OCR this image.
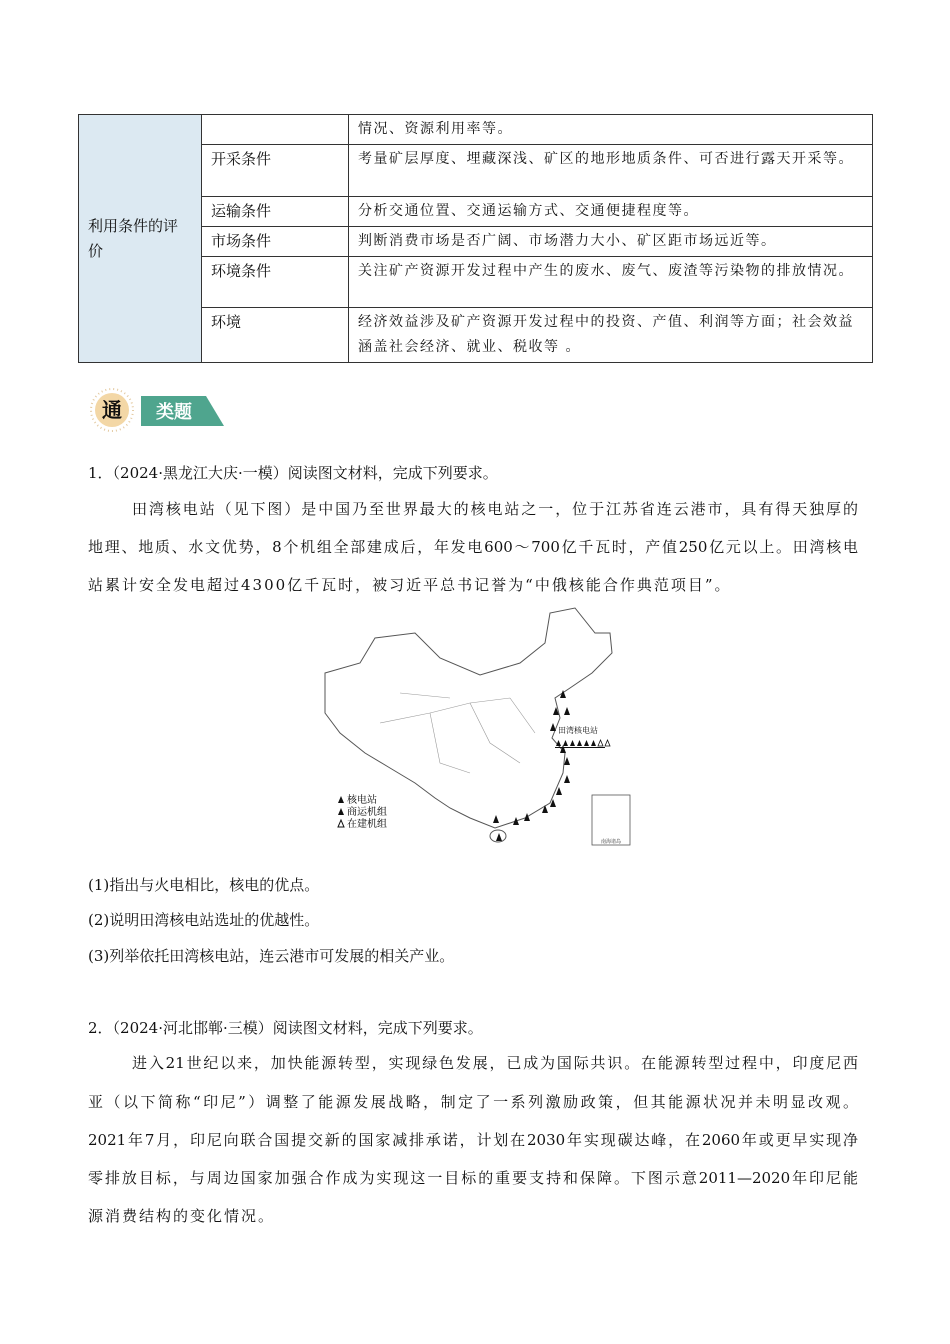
利用条件的评价		情况、资源利用率等。
	开采条件	考量矿层厚度、埋藏深浅、矿区的地形地质条件、可否进行露天开采等。
	运输条件	分析交通位置、交通运输方式、交通便捷程度等。
	市场条件	判断消费市场是否广阔、市场潜力大小、矿区距市场远近等。
	环境条件	关注矿产资源开发过程中产生的废水、废气、废渣等污染物的排放情况。
	环境	经济效益涉及矿产资源开发过程中的投资、产值、利润等方面；社会效益涵盖社会经济、就业、税收等 。
通 类题
1．（2024·黑龙江大庆·一模）阅读图文材料，完成下列要求。
田湾核电站（见下图）是中国乃至世界最大的核电站之一，位于江苏省连云港市，具有得天独厚的
地理、地质、水文优势，8个机组全部建成后，年发电600～700亿千瓦时，产值250亿元以上。田湾核电
站累计安全发电超过4300亿千瓦时，被习近平总书记誉为“中俄核能合作典范项目”。
南海诸岛
田湾核电站
核电站
商运机组
在建机组
(1)指出与火电相比，核电的优点。
(2)说明田湾核电站选址的优越性。
(3)列举依托田湾核电站，连云港市可发展的相关产业。
2．（2024·河北邯郸·三模）阅读图文材料，完成下列要求。
进入21世纪以来，加快能源转型，实现绿色发展，已成为国际共识。在能源转型过程中，印度尼西
亚（以下简称“印尼”）调整了能源发展战略，制定了一系列激励政策，但其能源状况并未明显改观。
2021年7月，印尼向联合国提交新的国家减排承诺，计划在2030年实现碳达峰，在2060年或更早实现净
零排放目标，与周边国家加强合作成为实现这一目标的重要支持和保障。下图示意2011—2020年印尼能
源消费结构的变化情况。
